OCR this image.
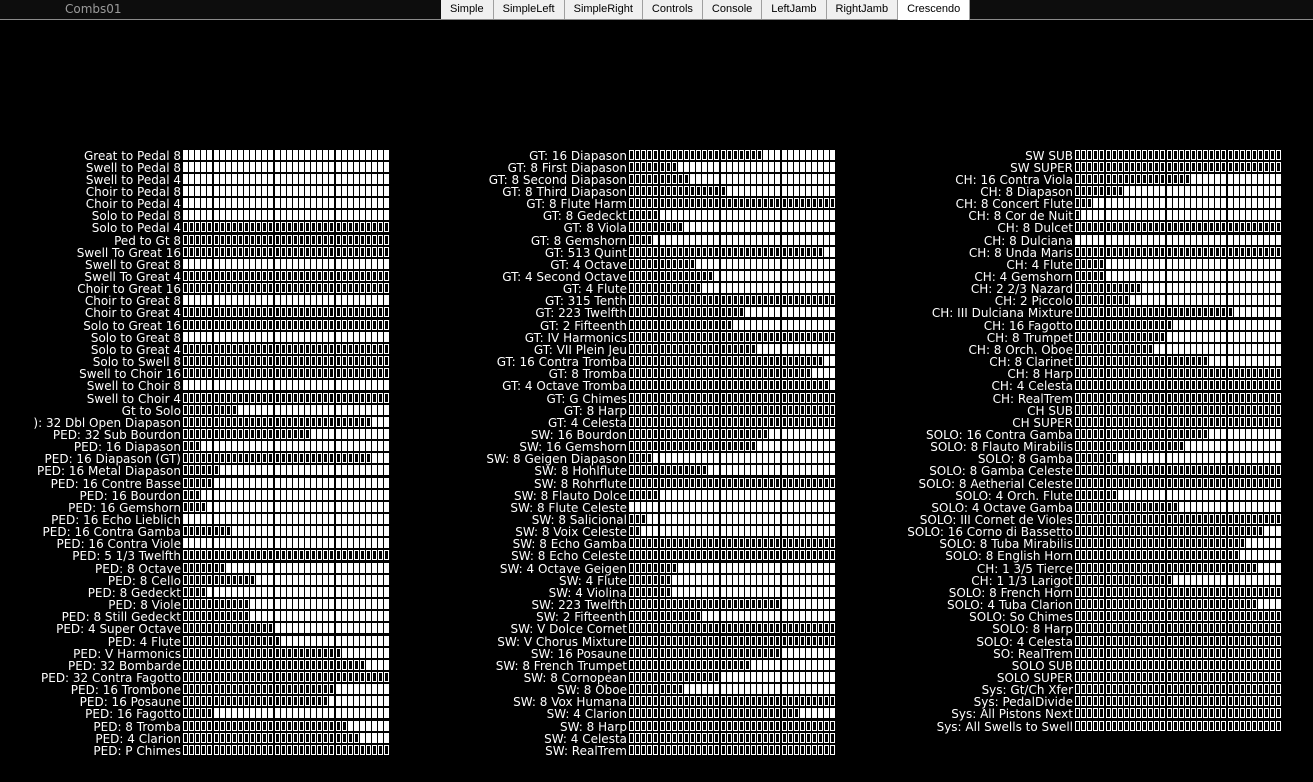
Combs01	Simple	SimpleLeft	SimpleRight	Controls	Console	LeftJamb	RightJamb	Crescendo
Great to Pedal 8
Swell to Pedal 8
Swell to Pedal 4
Choir to Pedal 8
Choir to Pedal 4
Solo to Pedal 8
Solo to Pedal 4
Ped to Gt 8
Swell To Great 16
Swell to Great 8
Swell To Great 4
Choir to Great 16
Choir to Great 8
Choir to Great 4
Solo to Great 16
Solo to Great 8
Solo to Great 4
Solo to Swell 8
Swell to Choir 16
Swell to Choir 8
Swell to Choir 4
Gt to Solo
): 32 Dbl Open Diapason
PED: 32 Sub Bourdon
PED: 16 Diapason
PED: 16 Diapason (GT)
PED: 16 Metal Diapason
PED: 16 Contre Basse
PED: 16 Bourdon
PED: 16 Gemshorn
PED: 16 Echo Lieblich
PED: 16 Contra Gamba
PED: 16 Contra Viole
PED: 5 1/3 Twelfth
PED: 8 Octave
PED: 8 Cello
PED: 8 Gedeckt
PED: 8 Viole
PED: 8 Still Gedeckt
PED: 4 Super Octave
PED: 4 Flute
PED: V Harmonics
PED: 32 Bombarde
PED: 32 Contra Fagotto
PED: 16 Trombone
PED: 16 Posaune
PED: 16 Fagotto
PED: 8 Tromba
PED: 4 Clarion
PED: P Chimes
GT: 16 Diapason
GT: 8 First Diapason
GT: 8 Second Diapason
GT: 8 Third Diapason
GT: 8 Flute Harm
GT: 8 Gedeckt
GT: 8 Viola
GT: 8 Gemshorn
GT: 513 Quint
GT: 4 Octave
GT: 4 Second Octave
GT: 4 Flute
GT: 315 Tenth
GT: 223 Twelfth
GT: 2 Fifteenth
GT: IV Harmonics
GT: VII Plein Jeu
GT: 16 Contra Tromba
GT: 8 Tromba
GT: 4 Octave Tromba
GT: G Chimes
GT: 8 Harp
GT: 4 Celesta
SW: 16 Bourdon
SW: 16 Gemshorn
SW: 8 Geigen Diapason
SW: 8 Hohlflute
SW: 8 Rohrflute
SW: 8 Flauto Dolce
SW: 8 Flute Celeste
SW: 8 Salicional
SW: 8 Voix Celeste
SW: 8 Echo Gamba
SW: 8 Echo Celeste
SW: 4 Octave Geigen
SW: 4 Flute
SW: 4 Violina
SW: 223 Twelfth
SW: 2 Fifteenth
SW: V Dolce Cornet
SW: V Chorus Mixture
SW: 16 Posaune
SW: 8 French Trumpet
SW: 8 Cornopean
SW: 8 Oboe
SW: 8 Vox Humana
SW: 4 Clarion
SW: 8 Harp
SW: 4 Celesta
SW: RealTrem
SW SUB
SW SUPER
CH: 16 Contra Viola
CH: 8 Diapason
CH: 8 Concert Flute
CH: 8 Cor de Nuit
CH: 8 Dulcet
CH: 8 Dulciana
CH: 8 Unda Maris
CH: 4 Flute
CH: 4 Gemshorn
CH: 2 2/3 Nazard
CH: 2 Piccolo
CH: III Dulciana Mixture
CH: 16 Fagotto
CH: 8 Trumpet
CH: 8 Orch. Oboe
CH: 8 Clarinet
CH: 8 Harp
CH: 4 Celesta
CH: RealTrem
CH SUB
CH SUPER
SOLO: 16 Contra Gamba
SOLO: 8 Flauto Mirabilis
SOLO: 8 Gamba
SOLO: 8 Gamba Celeste
SOLO: 8 Aetherial Celeste
SOLO: 4 Orch. Flute
SOLO: 4 Octave Gamba
SOLO: III Cornet de Violes
SOLO: 16 Corno di Bassetto
SOLO: 8 Tuba Mirabilis
SOLO: 8 English Horn
CH: 1 3/5 Tierce
CH: 1 1/3 Larigot
SOLO: 8 French Horn
SOLO: 4 Tuba Clarion
SOLO: So Chimes
SOLO: 8 Harp
SOLO: 4 Celesta
SO: RealTrem
SOLO SUB
SOLO SUPER
Sys: Gt/Ch Xfer
Sys: PedalDivide
Sys: All Pistons Next
Sys: All Swells to Swell
